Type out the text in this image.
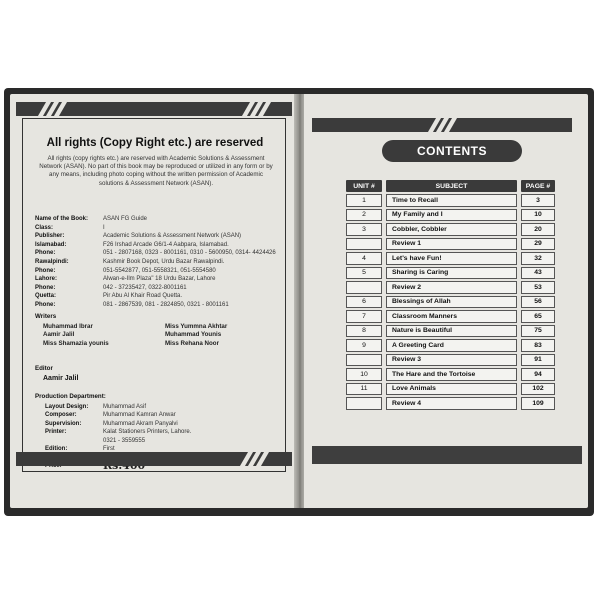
All rights (Copy Right etc.) are reserved
All rights (copy rights etc.) are reserved with Academic Solutions & Assessment Network (ASAN). No part of this book may be reproduced or utilized in any form or by any means, including photo coping without the written permission of Academic solutions & Assessment Network (ASAN).
Name of the Book:	ASAN FG Guide
Class:	I
Publisher:	Academic Solutions & Assessment Network (ASAN)
Islamabad:	F26 Irshad Arcade G6/1-4 Aabpara, Islamabad.
Phone:	051 - 2807168, 0323 - 8001161, 0310 - 5600950, 0314- 4424426
Rawalpindi:	Kashmir Book Depot, Urdu Bazar Rawalpindi.
Phone:	051-5542877, 051-5558321, 051-5554580
Lahore:	Alwan-e-Ilm Plaza" 18 Urdu Bazar, Lahore
Phone:	042 - 37235427, 0322-8001161
Quetta:	Pir Abu Al Khair Road Quetta.
Phone:	081 - 2867539, 081 - 2824850, 0321 - 8001161
Writers
Muhammad Ibrar	Miss Yummna Akhtar
Aamir Jalil	Muhammad Younis
Miss Shamazia younis	Miss Rehana Noor
Editor
Aamir Jalil
Production Department:
Layout Design:	Muhammad Asif
Composer:	Muhammad Kamran Anwar
Supervision:	Muhammad Akram Panyalvi
Printer:	Kalat Stationers Printers, Lahore.
0321 - 3559555
Edition:	First
CONTENTS
UNIT #		SUBJECT		PAGE #
1		Time to Recall		3
2		My Family and I		10
3		Cobbler, Cobbler		20
		Review 1		29
4		Let's have Fun!		32
5		Sharing is Caring		43
		Review 2		53
6		Blessings of Allah		56
7		Classroom Manners		65
8		Nature is Beautiful		75
9		A Greeting Card		83
		Review 3		91
10		The Hare and the Tortoise		94
11		Love Animals		102
		Review 4		109
